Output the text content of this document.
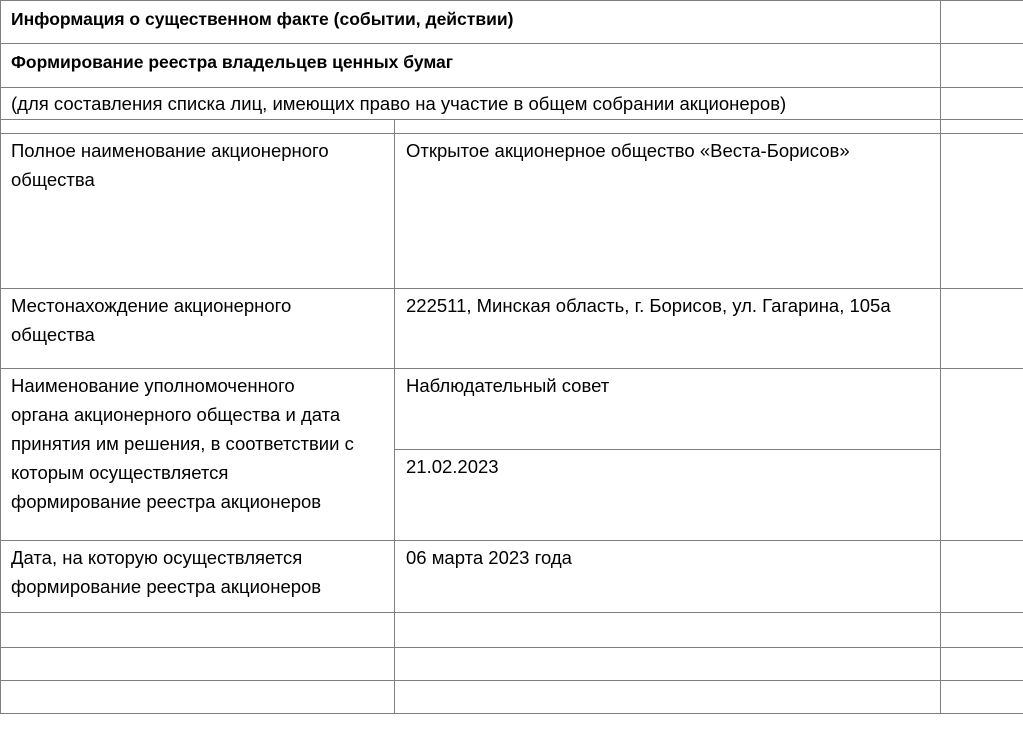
Информация о существенном факте (событии, действии)		

Формирование реестра владельцев ценных бумаг		

(для составления списка лиц, имеющих право на участие в общем собрании акционеров)		

Полное наименование акционерного общества	Открытое акционерное общество «Веста-Борисов»	

Местонахождение акционерного общества	222511, Минская область, г. Борисов, ул. Гагарина, 105а	

Наименование уполномоченного органа акционерного общества и дата принятия им решения, в соответствии с которым осуществляется формирование реестра акционеров	Наблюдательный совет	

	21.02.2023	

Дата, на которую осуществляется формирование реестра акционеров	06 марта 2023 года	
